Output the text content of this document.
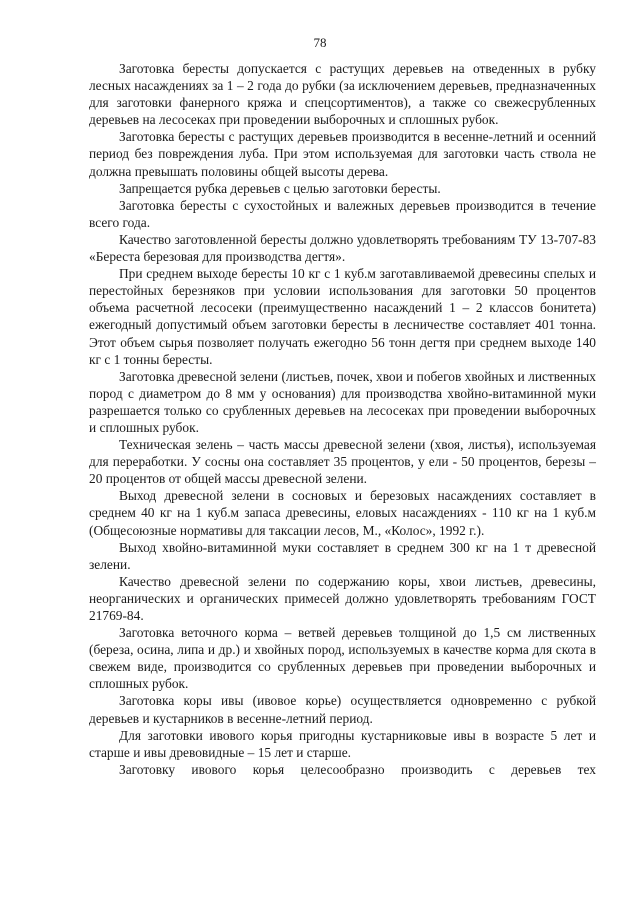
78

Заготовка бересты допускается с растущих деревьев на отведенных в рубку лесных насаждениях за 1 – 2 года до рубки (за исключением деревьев, предназначенных для заготовки фанерного кряжа и спецсортиментов), а также со свежесрубленных деревьев на лесосеках при проведении выборочных и сплошных рубок.

Заготовка бересты с растущих деревьев производится в весенне-летний и осенний период без повреждения луба. При этом используемая для заготовки часть ствола не должна превышать половины общей высоты дерева.

Запрещается рубка деревьев с целью заготовки бересты.

Заготовка бересты с сухостойных и валежных деревьев производится в течение всего года.

Качество заготовленной бересты должно удовлетворять требованиям ТУ 13-707-83 «Береста березовая для производства дегтя».

При среднем выходе бересты 10 кг с 1 куб.м заготавливаемой древесины спелых и перестойных березняков при условии использования для заготовки 50 процентов объема расчетной лесосеки (преимущественно насаждений 1 – 2 классов бонитета) ежегодный допустимый объем заготовки бересты в лесничестве составляет 401 тонна. Этот объем сырья позволяет получать ежегодно 56 тонн дегтя при среднем выходе 140 кг с 1 тонны бересты.

Заготовка древесной зелени (листьев, почек, хвои и побегов хвойных и лиственных пород с диаметром до 8 мм у основания) для производства хвойно-витаминной муки разрешается только со срубленных деревьев на лесосеках при проведении выборочных и сплошных рубок.

Техническая зелень – часть массы древесной зелени (хвоя, листья), используемая для переработки. У сосны она составляет 35 процентов, у ели - 50 процентов, березы – 20 процентов от общей массы древесной зелени.

Выход древесной зелени в сосновых и березовых насаждениях составляет в среднем 40 кг на 1 куб.м запаса древесины, еловых насаждениях - 110 кг на 1 куб.м (Общесоюзные нормативы для таксации лесов, М., «Колос», 1992 г.).

Выход хвойно-витаминной муки составляет в среднем 300 кг на 1 т древесной зелени.

Качество древесной зелени по содержанию коры, хвои листьев, древесины, неорганических и органических примесей должно удовлетворять требованиям ГОСТ 21769-84.

Заготовка веточного корма – ветвей деревьев толщиной до 1,5 см лиственных (береза, осина, липа и др.) и хвойных пород, используемых в качестве корма для скота в свежем виде, производится со срубленных деревьев при проведении выборочных и сплошных рубок.

Заготовка коры ивы (ивовое корье) осуществляется одновременно с рубкой деревьев и кустарников в весенне-летний период.

Для заготовки ивового корья пригодны кустарниковые ивы в возрасте 5 лет и старше и ивы древовидные – 15 лет и старше.

Заготовку ивового корья целесообразно производить с деревьев тех
